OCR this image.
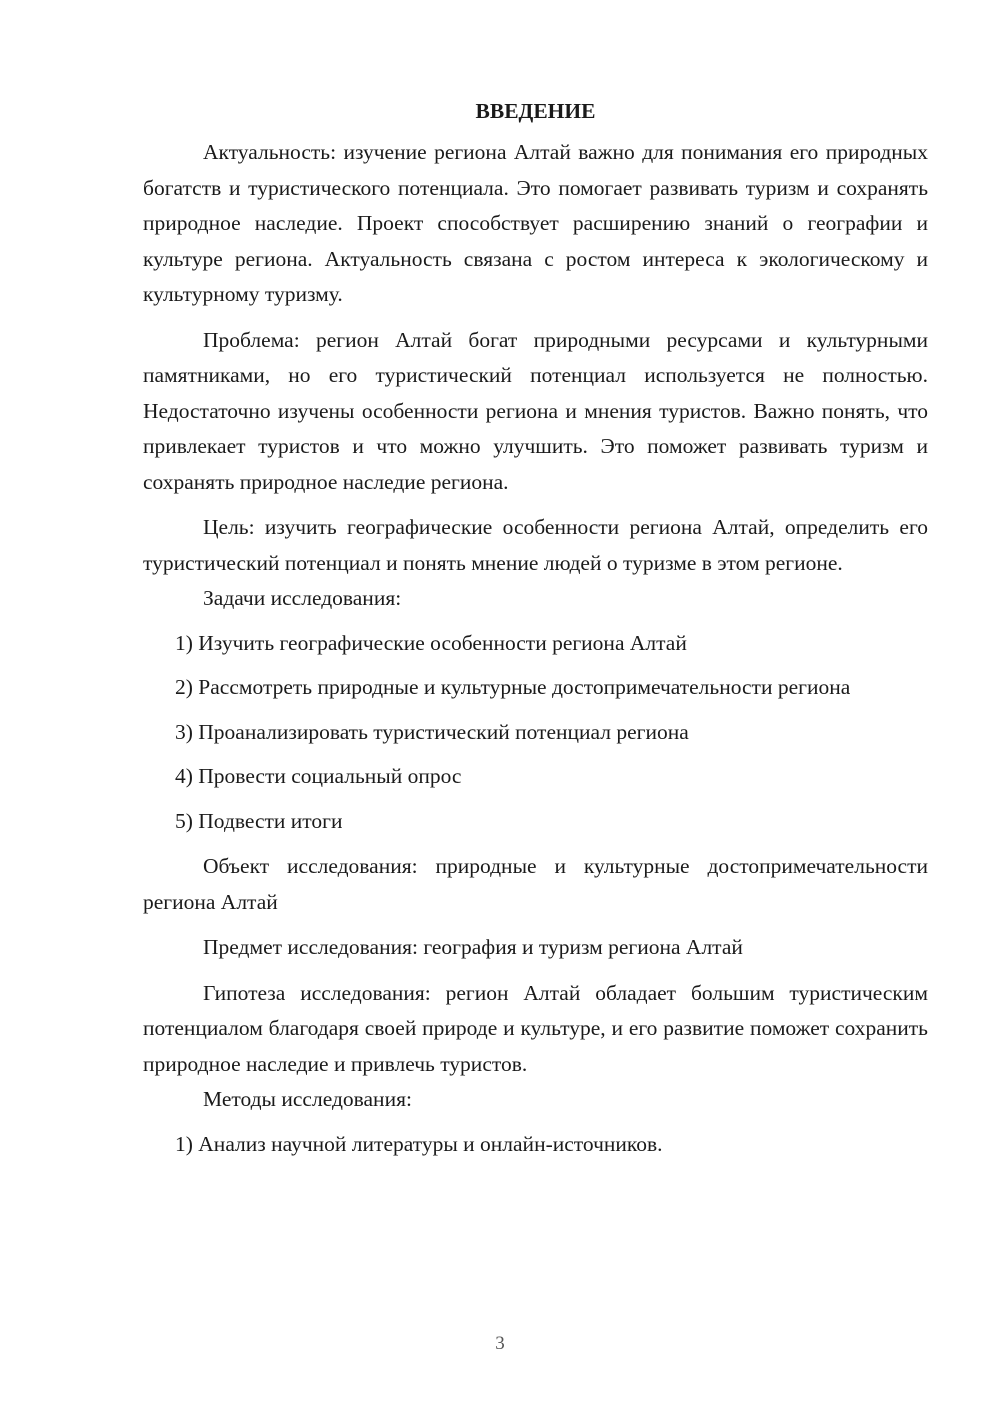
ВВЕДЕНИЕ

Актуальность: изучение региона Алтай важно для понимания его природных богатств и туристического потенциала. Это помогает развивать туризм и сохранять природное наследие. Проект способствует расширению знаний о географии и культуре региона. Актуальность связана с ростом интереса к экологическому и культурному туризму.

Проблема: регион Алтай богат природными ресурсами и культурными памятниками, но его туристический потенциал используется не полностью. Недостаточно изучены особенности региона и мнения туристов. Важно понять, что привлекает туристов и что можно улучшить. Это поможет развивать туризм и сохранять природное наследие региона.

Цель: изучить географические особенности региона Алтай, определить его туристический потенциал и понять мнение людей о туризме в этом регионе.

Задачи исследования:

1) Изучить географические особенности региона Алтай

2) Рассмотреть природные и культурные достопримечательности региона

3) Проанализировать туристический потенциал региона

4) Провести социальный опрос

5) Подвести итоги

Объект исследования: природные и культурные достопримечательности региона Алтай

Предмет исследования: география и туризм региона Алтай

Гипотеза исследования: регион Алтай обладает большим туристическим потенциалом благодаря своей природе и культуре, и его развитие поможет сохранить природное наследие и привлечь туристов.

Методы исследования:

1) Анализ научной литературы и онлайн-источников.

3
